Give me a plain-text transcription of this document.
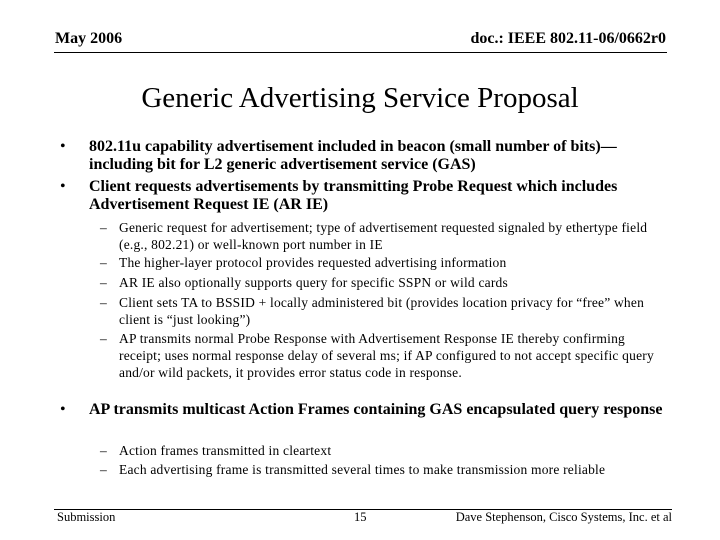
May 2006	doc.: IEEE 802.11-06/0662r0
Generic Advertising Service Proposal
• 802.11u capability advertisement included in beacon (small number of bits)—including bit for L2 generic advertisement service (GAS)
• Client requests advertisements by transmitting Probe Request which includes Advertisement Request IE (AR IE)
– Generic request for advertisement; type of advertisement requested signaled by ethertype field (e.g., 802.21) or well-known port number in IE
– The higher-layer protocol provides requested advertising information
– AR IE also optionally supports query for specific SSPN or wild cards
– Client sets TA to BSSID + locally administered bit (provides location privacy for “free” when client is “just looking”)
– AP transmits normal Probe Response with Advertisement Response IE thereby confirming receipt; uses normal response delay of several ms; if AP configured to not accept specific query and/or wild packets, it provides error status code in response.
• AP transmits multicast Action Frames containing GAS encapsulated query response
– Action frames transmitted in cleartext
– Each advertising frame is transmitted several times to make transmission more reliable
Submission	15	Dave Stephenson, Cisco Systems, Inc. et al
